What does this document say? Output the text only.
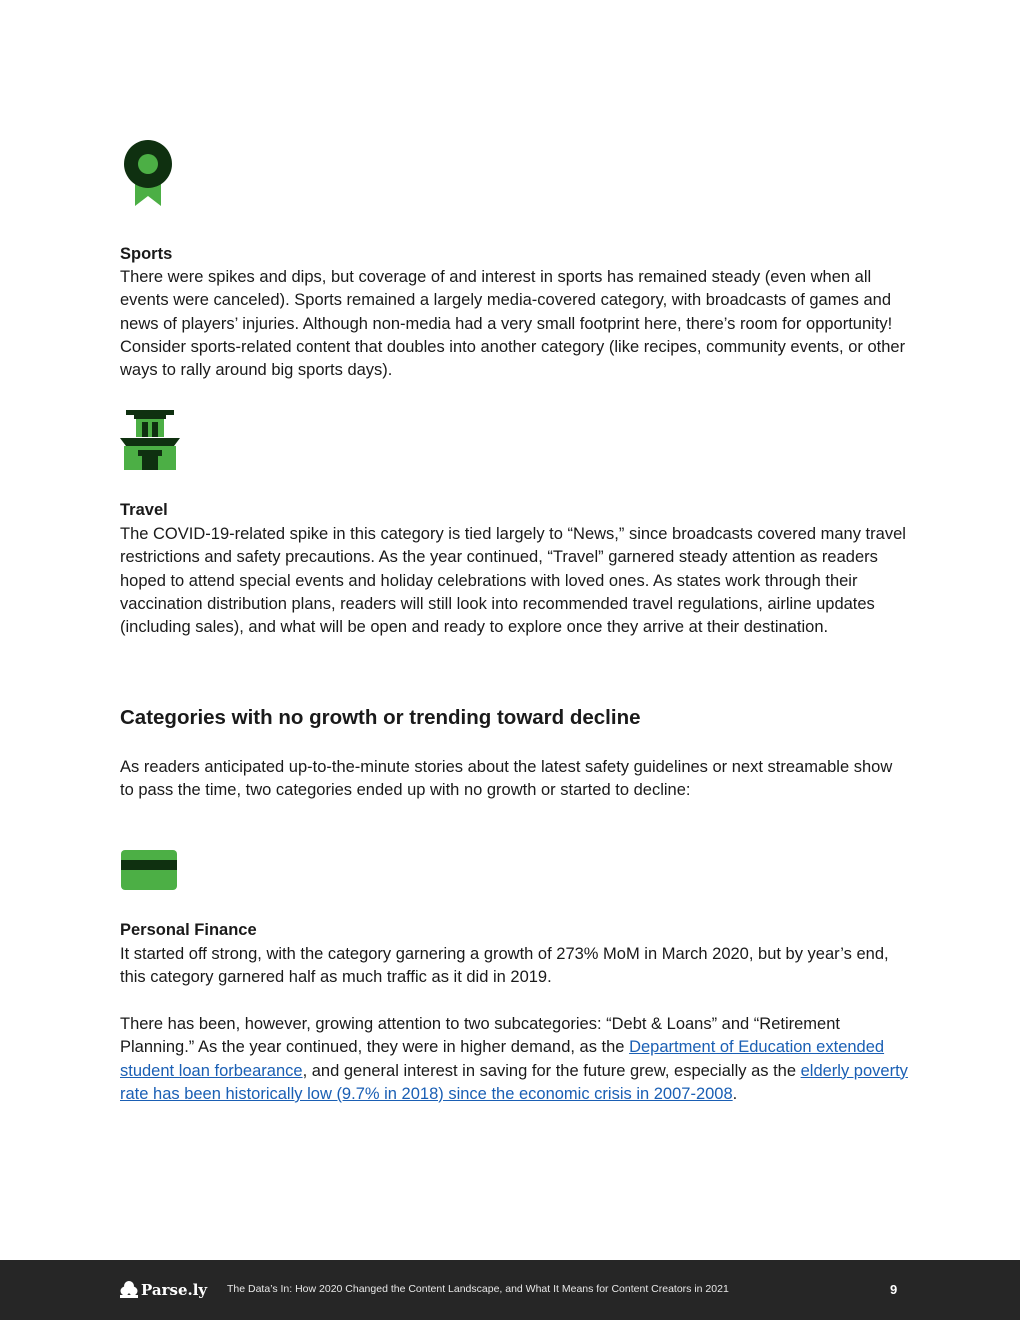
Sports

There were spikes and dips, but coverage of and interest in sports has remained steady (even when all events were canceled). Sports remained a largely media-covered category, with broadcasts of games and news of players’ injuries. Although non-media had a very small footprint here, there’s room for opportunity! Consider sports-related content that doubles into another category (like recipes, community events, or other ways to rally around big sports days).

Travel

The COVID-19-related spike in this category is tied largely to “News,” since broadcasts covered many travel restrictions and safety precautions. As the year continued, “Travel” garnered steady attention as readers hoped to attend special events and holiday celebrations with loved ones. As states work through their vaccination distribution plans, readers will still look into recommended travel regulations, airline updates (including sales), and what will be open and ready to explore once they arrive at their destination.

Categories with no growth or trending toward decline

As readers anticipated up-to-the-minute stories about the latest safety guidelines or next streamable show to pass the time, two categories ended up with no growth or started to decline:

Personal Finance

It started off strong, with the category garnering a growth of 273% MoM in March 2020, but by year’s end, this category garnered half as much traffic as it did in 2019.

There has been, however, growing attention to two subcategories: “Debt & Loans” and “Retirement Planning.” As the year continued, they were in higher demand, as the Department of Education extended student loan forbearance, and general interest in saving for the future grew, especially as the elderly poverty rate has been historically low (9.7% in 2018) since the economic crisis in 2007-2008.

Parse.ly The Data’s In: How 2020 Changed the Content Landscape, and What It Means for Content Creators in 2021	9
